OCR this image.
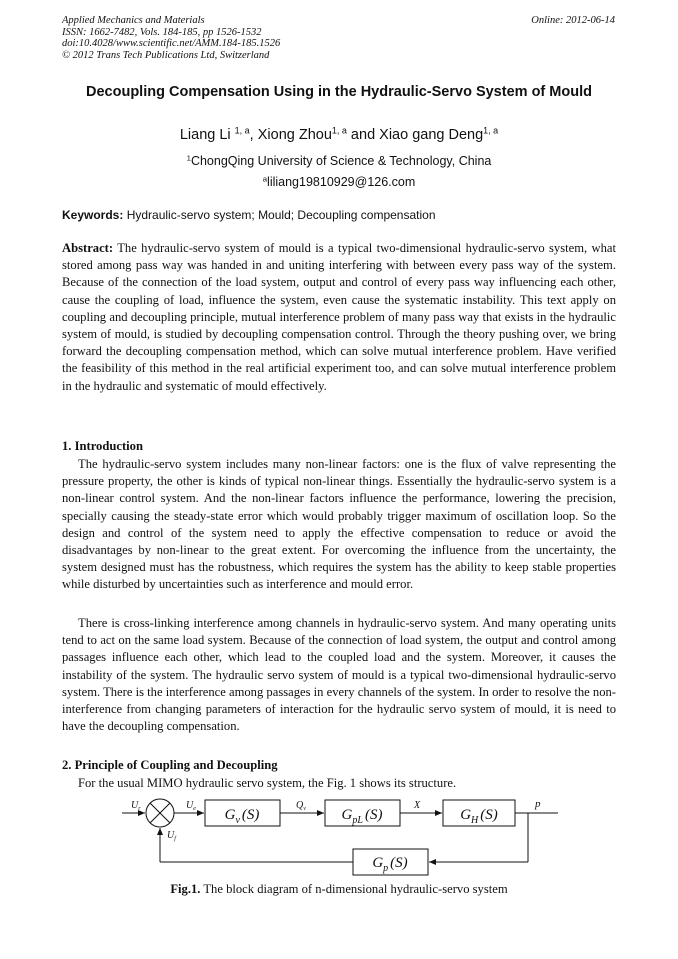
Applied Mechanics and Materials
ISSN: 1662-7482, Vols. 184-185, pp 1526-1532
doi:10.4028/www.scientific.net/AMM.184-185.1526
© 2012 Trans Tech Publications Ltd, Switzerland
Online: 2012-06-14
Decoupling Compensation Using in the Hydraulic-Servo System of Mould
Liang Li $^{1, a}$, Xiong Zhou$^{1, a}$ and Xiao gang Deng$^{1, a}$
$^1$ChongQing University of Science & Technology, China
$^a$liliang19810929@126.com
Keywords: Hydraulic-servo system; Mould; Decoupling compensation
Abstract: The hydraulic-servo system of mould is a typical two-dimensional hydraulic-servo system, what stored among pass way was handed in and uniting interfering with between every pass way of the system. Because of the connection of the load system, output and control of every pass way influencing each other, cause the coupling of load, influence the system, even cause the systematic instability. This text apply on coupling and decoupling principle, mutual interference problem of many pass way that exists in the hydraulic system of mould, is studied by decoupling compensation control. Through the theory pushing over, we bring forward the decoupling compensation method, which can solve mutual interference problem. Have verified the feasibility of this method in the real artificial experiment too, and can solve mutual interference problem in the hydraulic and systematic of mould effectively.
1. Introduction
The hydraulic-servo system includes many non-linear factors: one is the flux of valve representing the pressure property, the other is kinds of typical non-linear things. Essentially the hydraulic-servo system is a non-linear control system. And the non-linear factors influence the performance, lowering the precision, specially causing the steady-state error which would probably trigger maximum of oscillation loop. So the design and control of the system need to apply the effective compensation to reduce or avoid the disadvantages by non-linear to the great extent. For overcoming the influence from the uncertainty, the system designed must has the robustness, which requires the system has the ability to keep stable properties while disturbed by uncertainties such as interference and mould error.
There is cross-linking interference among channels in hydraulic-servo system. And many operating units tend to act on the same load system. Because of the connection of load system, the output and control among passages influence each other, which lead to the coupled load and the system. Moreover, it causes the instability of the system. The hydraulic servo system of mould is a typical two-dimensional hydraulic-servo system. There is the interference among passages in every channels of the system. In order to resolve the non-interference from changing parameters of interaction for the hydraulic servo system of mould, it is need to have the decoupling compensation.
2. Principle of Coupling and Decoupling
For the usual MIMO hydraulic servo system, the Fig. 1 shows its structure.
$G_v$ (S)	$G_{pL}$ (S)	$G_H$ (S)
$G_p$ (S)
$U_r$	$U_e$
$U_f$
$Q_v$	X	p
Fig.1. The block diagram of n-dimensional hydraulic-servo system
